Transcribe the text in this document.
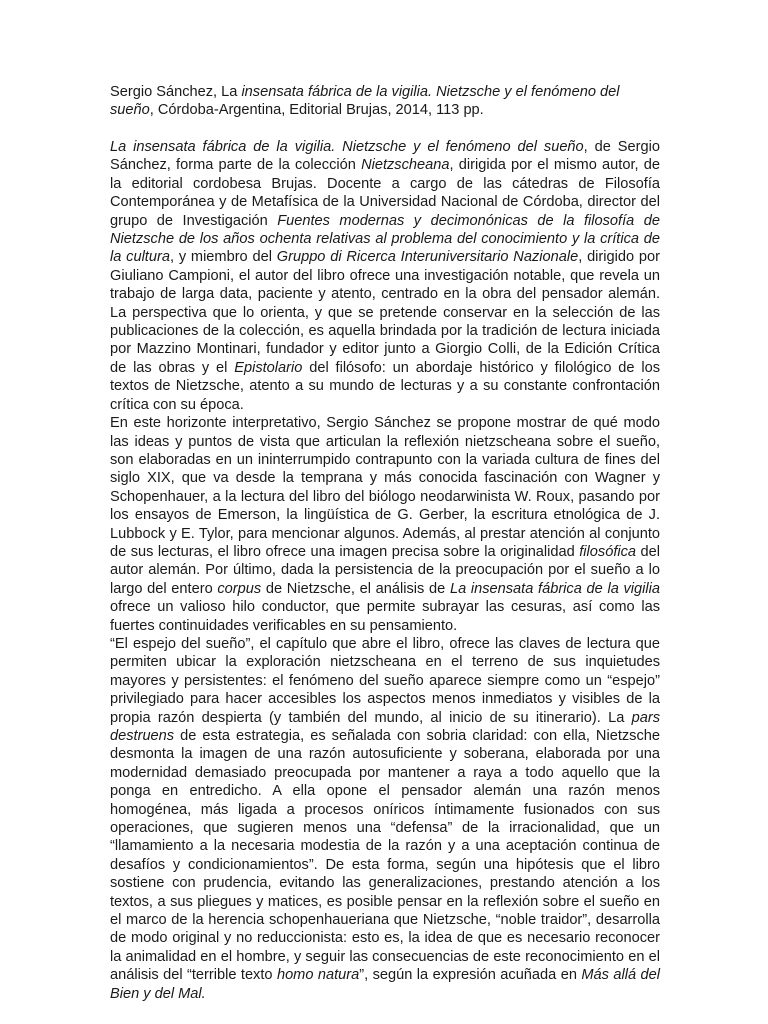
Sergio Sánchez, La insensata fábrica de la vigilia. Nietzsche y el fenómeno del sueño, Córdoba-Argentina, Editorial Brujas, 2014, 113 pp.

La insensata fábrica de la vigilia. Nietzsche y el fenómeno del sueño, de Sergio Sánchez, forma parte de la colección Nietzscheana, dirigida por el mismo autor, de la editorial cordobesa Brujas. Docente a cargo de las cátedras de Filosofía Contemporánea y de Metafísica de la Universidad Nacional de Córdoba, director del grupo de Investigación Fuentes modernas y decimonónicas de la filosofía de Nietzsche de los años ochenta relativas al problema del conocimiento y la crítica de la cultura, y miembro del Gruppo di Ricerca Interuniversitario Nazionale, dirigido por Giuliano Campioni, el autor del libro ofrece una investigación notable, que revela un trabajo de larga data, paciente y atento, centrado en la obra del pensador alemán. La perspectiva que lo orienta, y que se pretende conservar en la selección de las publicaciones de la colección, es aquella brindada por la tradición de lectura iniciada por Mazzino Montinari, fundador y editor junto a Giorgio Colli, de la Edición Crítica de las obras y el Epistolario del filósofo: un abordaje histórico y filológico de los textos de Nietzsche, atento a su mundo de lecturas y a su constante confrontación crítica con su época.

En este horizonte interpretativo, Sergio Sánchez se propone mostrar de qué modo las ideas y puntos de vista que articulan la reflexión nietzscheana sobre el sueño, son elaboradas en un ininterrumpido contrapunto con la variada cultura de fines del siglo XIX, que va desde la temprana y más conocida fascinación con Wagner y Schopenhauer, a la lectura del libro del biólogo neodarwinista W. Roux, pasando por los ensayos de Emerson, la lingüística de G. Gerber, la escritura etnológica de J. Lubbock y E. Tylor, para mencionar algunos. Además, al prestar atención al conjunto de sus lecturas, el libro ofrece una imagen precisa sobre la originalidad filosófica del autor alemán. Por último, dada la persistencia de la preocupación por el sueño a lo largo del entero corpus de Nietzsche, el análisis de La insensata fábrica de la vigilia ofrece un valioso hilo conductor, que permite subrayar las cesuras, así como las fuertes continuidades verificables en su pensamiento.

“El espejo del sueño”, el capítulo que abre el libro, ofrece las claves de lectura que permiten ubicar la exploración nietzscheana en el terreno de sus inquietudes mayores y persistentes: el fenómeno del sueño aparece siempre como un “espejo” privilegiado para hacer accesibles los aspectos menos inmediatos y visibles de la propia razón despierta (y también del mundo, al inicio de su itinerario). La pars destruens de esta estrategia, es señalada con sobria claridad: con ella, Nietzsche desmonta la imagen de una razón autosuficiente y soberana, elaborada por una modernidad demasiado preocupada por mantener a raya a todo aquello que la ponga en entredicho. A ella opone el pensador alemán una razón menos homogénea, más ligada a procesos oníricos íntimamente fusionados con sus operaciones, que sugieren menos una “defensa” de la irracionalidad, que un “llamamiento a la necesaria modestia de la razón y a una aceptación continua de desafíos y condicionamientos”. De esta forma, según una hipótesis que el libro sostiene con prudencia, evitando las generalizaciones, prestando atención a los textos, a sus pliegues y matices, es posible pensar en la reflexión sobre el sueño en el marco de la herencia schopenhaueriana que Nietzsche, “noble traidor”, desarrolla de modo original y no reduccionista: esto es, la idea de que es necesario reconocer la animalidad en el hombre, y seguir las consecuencias de este reconocimiento en el análisis del “terrible texto homo natura”, según la expresión acuñada en Más allá del Bien y del Mal.
